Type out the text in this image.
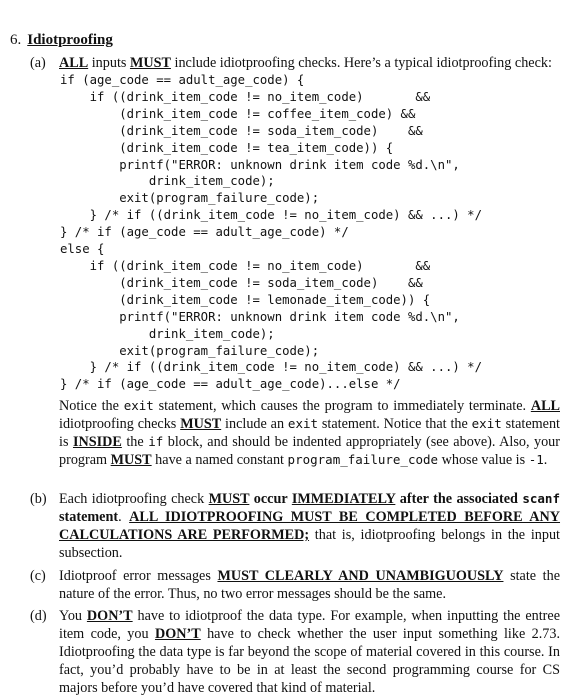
6. Idiotproofing
(a) ALL inputs MUST include idiotproofing checks. Here’s a typical idiotproofing check:
if (age_code == adult_age_code) {
if ((drink_item_code != no_item_code)       &&
(drink_item_code != coffee_item_code) &&
(drink_item_code != soda_item_code)    &&
(drink_item_code != tea_item_code)) {
printf("ERROR: unknown drink item code %d.\n",
drink_item_code);
exit(program_failure_code);
} /* if ((drink_item_code != no_item_code) && ...) */
} /* if (age_code == adult_age_code) */
else {
if ((drink_item_code != no_item_code)       &&
(drink_item_code != soda_item_code)    &&
(drink_item_code != lemonade_item_code)) {
printf("ERROR: unknown drink item code %d.\n",
drink_item_code);
exit(program_failure_code);
} /* if ((drink_item_code != no_item_code) && ...) */
} /* if (age_code == adult_age_code)...else */
Notice the exit statement, which causes the program to immediately terminate. ALL idiotproofing checks MUST include an exit statement. Notice that the exit statement is INSIDE the if block, and should be indented appropriately (see above). Also, your program MUST have a named constant program_failure_code whose value is -1.
(b) Each idiotproofing check MUST occur IMMEDIATELY after the associated scanf statement. ALL IDIOTPROOFING MUST BE COMPLETED BEFORE ANY CALCULATIONS ARE PERFORMED; that is, idiotproofing belongs in the input subsection.
(c) Idiotproof error messages MUST CLEARLY AND UNAMBIGUOUSLY state the nature of the error. Thus, no two error messages should be the same.
(d) You DON’T have to idiotproof the data type. For example, when inputting the entree item code, you DON’T have to check whether the user input something like 2.73. Idiotproofing the data type is far beyond the scope of material covered in this course. In fact, you’d probably have to be in at least the second programming course for CS majors before you’d have covered that kind of material.
